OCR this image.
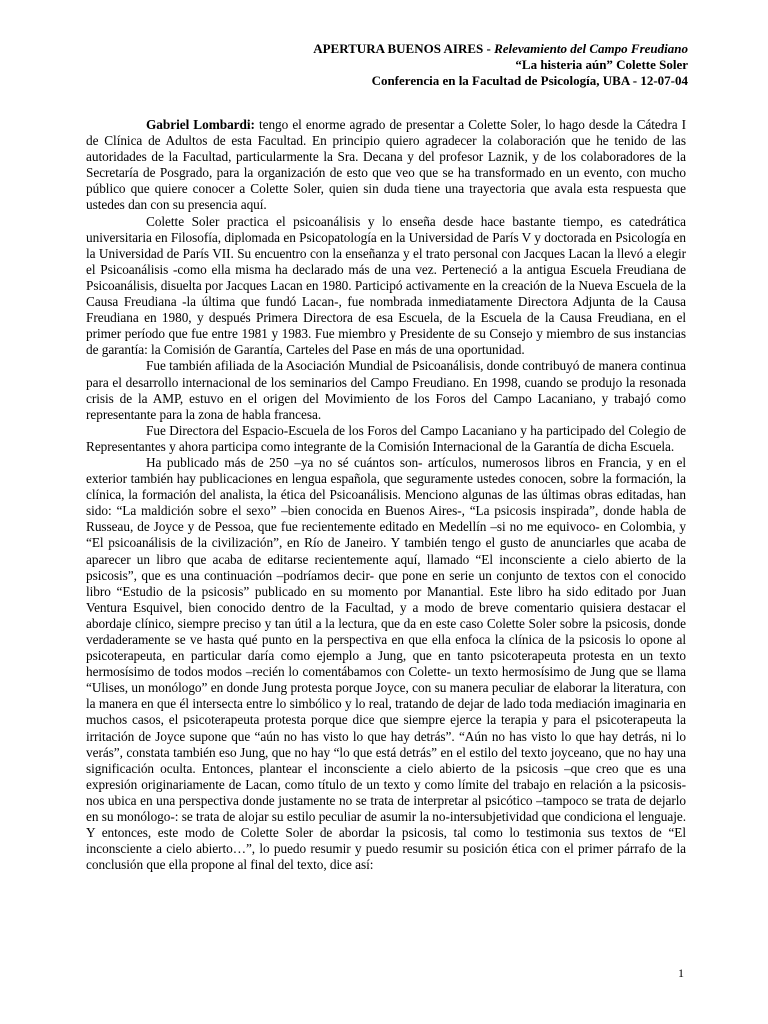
APERTURA BUENOS AIRES - Relevamiento del Campo Freudiano
“La histeria aún” Colette Soler
Conferencia en la Facultad de Psicología, UBA - 12-07-04

Gabriel Lombardi: tengo el enorme agrado de presentar a Colette Soler, lo hago desde la Cátedra I de Clínica de Adultos de esta Facultad. En principio quiero agradecer la colaboración que he tenido de las autoridades de la Facultad, particularmente la Sra. Decana y del profesor Laznik, y de los colaboradores de la Secretaría de Posgrado, para la organización de esto que veo que se ha transformado en un evento, con mucho público que quiere conocer a Colette Soler, quien sin duda tiene una trayectoria que avala esta respuesta que ustedes dan con su presencia aquí.

Colette Soler practica el psicoanálisis y lo enseña desde hace bastante tiempo, es catedrática universitaria en Filosofía, diplomada en Psicopatología en la Universidad de París V y doctorada en Psicología en la Universidad de París VII. Su encuentro con la enseñanza y el trato personal con Jacques Lacan la llevó a elegir el Psicoanálisis -como ella misma ha declarado más de una vez. Perteneció a la antigua Escuela Freudiana de Psicoanálisis, disuelta por Jacques Lacan en 1980. Participó activamente en la creación de la Nueva Escuela de la Causa Freudiana -la última que fundó Lacan-, fue nombrada inmediatamente Directora Adjunta de la Causa Freudiana en 1980, y después Primera Directora de esa Escuela, de la Escuela de la Causa Freudiana, en el primer período que fue entre 1981 y 1983. Fue miembro y Presidente de su Consejo y miembro de sus instancias de garantía: la Comisión de Garantía, Carteles del Pase en más de una oportunidad.

Fue también afiliada de la Asociación Mundial de Psicoanálisis, donde contribuyó de manera continua para el desarrollo internacional de los seminarios del Campo Freudiano. En 1998, cuando se produjo la resonada crisis de la AMP, estuvo en el origen del Movimiento de los Foros del Campo Lacaniano, y trabajó como representante para la zona de habla francesa.

Fue Directora del Espacio-Escuela de los Foros del Campo Lacaniano y ha participado del Colegio de Representantes y ahora participa como integrante de la Comisión Internacional de la Garantía de dicha Escuela.

Ha publicado más de 250 –ya no sé cuántos son- artículos, numerosos libros en Francia, y en el exterior también hay publicaciones en lengua española, que seguramente ustedes conocen, sobre la formación, la clínica, la formación del analista, la ética del Psicoanálisis. Menciono algunas de las últimas obras editadas, han sido: “La maldición sobre el sexo” –bien conocida en Buenos Aires-, “La psicosis inspirada”, donde habla de Russeau, de Joyce y de Pessoa, que fue recientemente editado en Medellín –si no me equivoco- en Colombia, y “El psicoanálisis de la civilización”, en Río de Janeiro. Y también tengo el gusto de anunciarles que acaba de aparecer un libro que acaba de editarse recientemente aquí, llamado “El inconsciente a cielo abierto de la psicosis”, que es una continuación –podríamos decir- que pone en serie un conjunto de textos con el conocido libro “Estudio de la psicosis” publicado en su momento por Manantial. Este libro ha sido editado por Juan Ventura Esquivel, bien conocido dentro de la Facultad, y a modo de breve comentario quisiera destacar el abordaje clínico, siempre preciso y tan útil a la lectura, que da en este caso Colette Soler sobre la psicosis, donde verdaderamente se ve hasta qué punto en la perspectiva en que ella enfoca la clínica de la psicosis lo opone al psicoterapeuta, en particular daría como ejemplo a Jung, que en tanto psicoterapeuta protesta en un texto hermosísimo de todos modos –recién lo comentábamos con Colette- un texto hermosísimo de Jung que se llama “Ulises, un monólogo” en donde Jung protesta porque Joyce, con su manera peculiar de elaborar la literatura, con la manera en que él intersecta entre lo simbólico y lo real, tratando de dejar de lado toda mediación imaginaria en muchos casos, el psicoterapeuta protesta porque dice que siempre ejerce la terapia y para el psicoterapeuta la irritación de Joyce supone que “aún no has visto lo que hay detrás”. “Aún no has visto lo que hay detrás, ni lo verás”, constata también eso Jung, que no hay “lo que está detrás” en el estilo del texto joyceano, que no hay una significación oculta. Entonces, plantear el inconsciente a cielo abierto de la psicosis –que creo que es una expresión originariamente de Lacan, como título de un texto y como límite del trabajo en relación a la psicosis- nos ubica en una perspectiva donde justamente no se trata de interpretar al psicótico –tampoco se trata de dejarlo en su monólogo-: se trata de alojar su estilo peculiar de asumir la no-intersubjetividad que condiciona el lenguaje. Y entonces, este modo de Colette Soler de abordar la psicosis, tal como lo testimonia sus textos de “El inconsciente a cielo abierto…”, lo puedo resumir y puedo resumir su posición ética con el primer párrafo de la conclusión que ella propone al final del texto, dice así:

1
